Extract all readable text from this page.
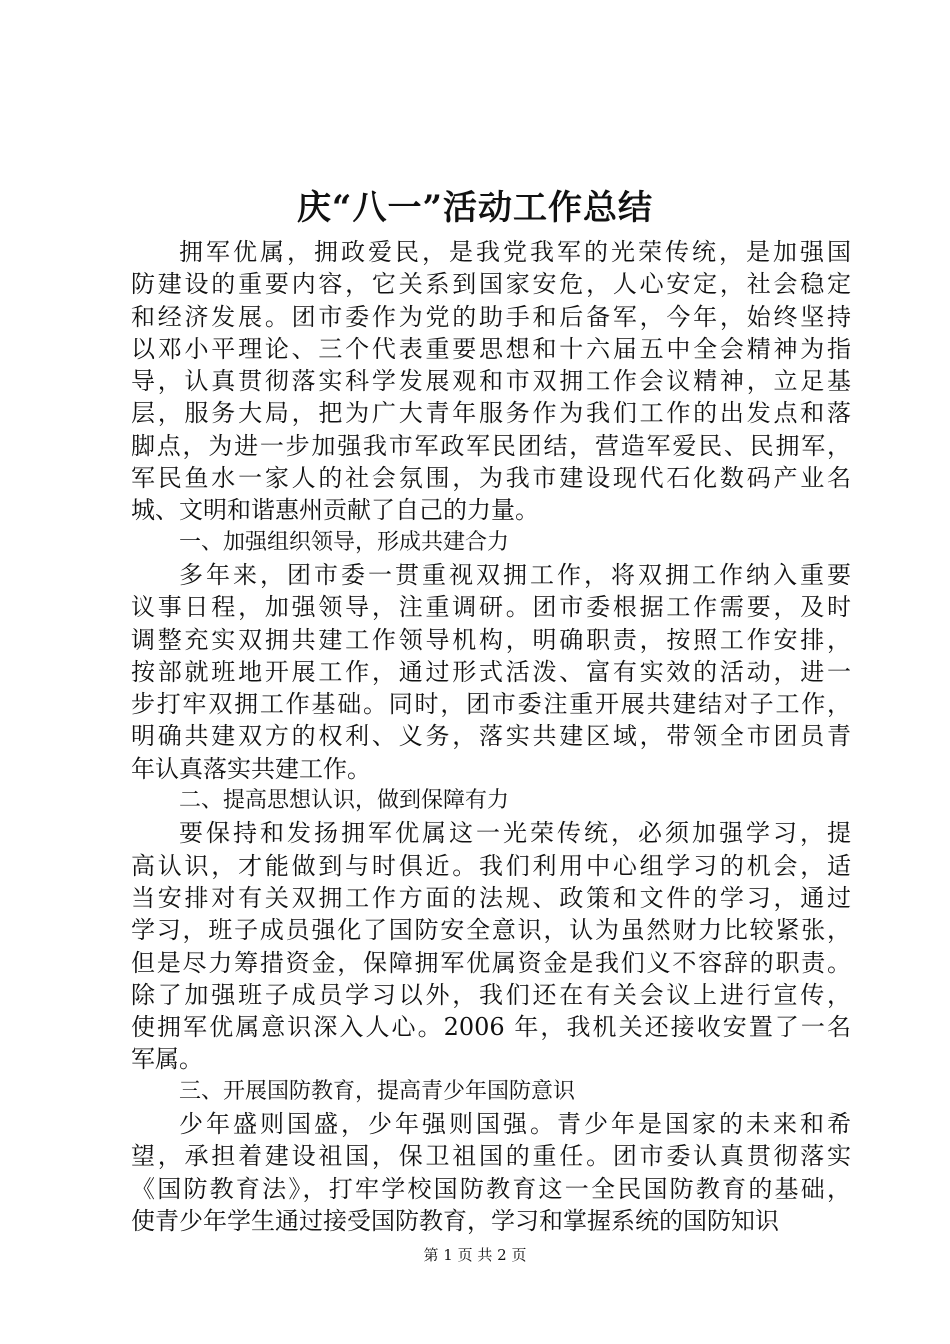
庆“八一”活动工作总结
拥军优属，拥政爱民，是我党我军的光荣传统，是加强国
防建设的重要内容，它关系到国家安危，人心安定，社会稳定
和经济发展。团市委作为党的助手和后备军，今年，始终坚持
以邓小平理论、三个代表重要思想和十六届五中全会精神为指
导，认真贯彻落实科学发展观和市双拥工作会议精神，立足基
层，服务大局，把为广大青年服务作为我们工作的出发点和落
脚点，为进一步加强我市军政军民团结，营造军爱民、民拥军，
军民鱼水一家人的社会氛围，为我市建设现代石化数码产业名
城、文明和谐惠州贡献了自己的力量。
一、加强组织领导，形成共建合力
多年来，团市委一贯重视双拥工作，将双拥工作纳入重要
议事日程，加强领导，注重调研。团市委根据工作需要，及时
调整充实双拥共建工作领导机构，明确职责，按照工作安排，
按部就班地开展工作，通过形式活泼、富有实效的活动，进一
步打牢双拥工作基础。同时，团市委注重开展共建结对子工作，
明确共建双方的权利、义务，落实共建区域，带领全市团员青
年认真落实共建工作。
二、提高思想认识，做到保障有力
要保持和发扬拥军优属这一光荣传统，必须加强学习，提
高认识，才能做到与时俱近。我们利用中心组学习的机会，适
当安排对有关双拥工作方面的法规、政策和文件的学习，通过
学习，班子成员强化了国防安全意识，认为虽然财力比较紧张，
但是尽力筹措资金，保障拥军优属资金是我们义不容辞的职责。
除了加强班子成员学习以外，我们还在有关会议上进行宣传，
使拥军优属意识深入人心。2006 年，我机关还接收安置了一名
军属。
三、开展国防教育，提高青少年国防意识
少年盛则国盛，少年强则国强。青少年是国家的未来和希
望，承担着建设祖国，保卫祖国的重任。团市委认真贯彻落实
《国防教育法》，打牢学校国防教育这一全民国防教育的基础，
使青少年学生通过接受国防教育，学习和掌握系统的国防知识
第 1 页 共 2 页
